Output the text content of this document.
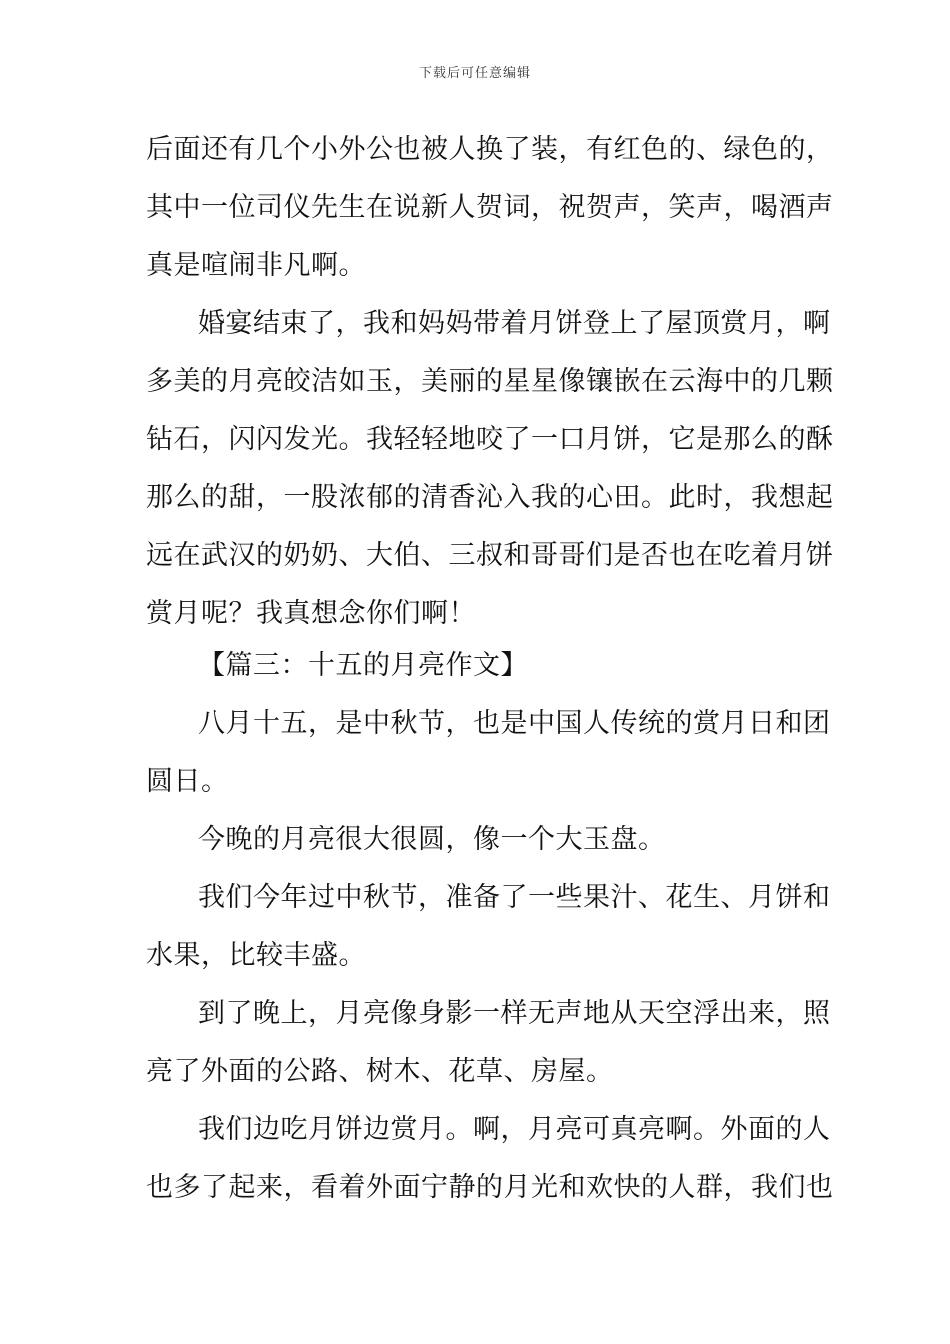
下载后可任意编辑
后面还有几个小外公也被人换了装，有红色的、绿色的，
其中一位司仪先生在说新人贺词，祝贺声，笑声，喝酒声
真是喧闹非凡啊。
婚宴结束了，我和妈妈带着月饼登上了屋顶赏月，啊
多美的月亮皎洁如玉，美丽的星星像镶嵌在云海中的几颗
钻石，闪闪发光。我轻轻地咬了一口月饼，它是那么的酥
那么的甜，一股浓郁的清香沁入我的心田。此时，我想起
远在武汉的奶奶、大伯、三叔和哥哥们是否也在吃着月饼
赏月呢？我真想念你们啊！
【篇三：十五的月亮作文】
八月十五，是中秋节，也是中国人传统的赏月日和团
圆日。
今晚的月亮很大很圆，像一个大玉盘。
我们今年过中秋节，准备了一些果汁、花生、月饼和
水果，比较丰盛。
到了晚上，月亮像身影一样无声地从天空浮出来，照
亮了外面的公路、树木、花草、房屋。
我们边吃月饼边赏月。啊，月亮可真亮啊。外面的人
也多了起来，看着外面宁静的月光和欢快的人群，我们也
